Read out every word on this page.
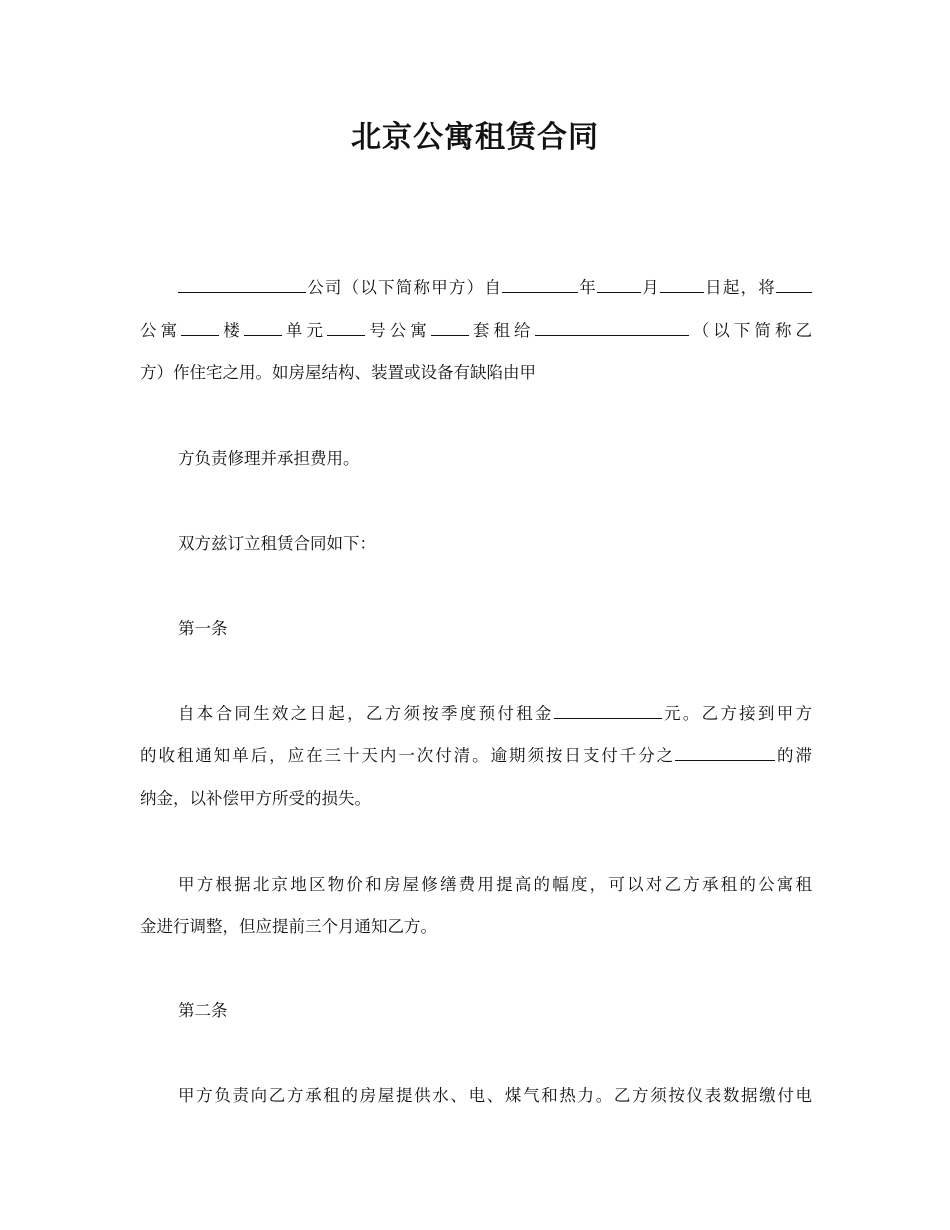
北京公寓租赁合同

公司（以下简称甲方）自	年	月	日起，将

公寓 楼 单元 号公寓 套租给	（以下简称乙

方）作住宅之用。如房屋结构、装置或设备有缺陷由甲

方负责修理并承担费用。

双方兹订立租赁合同如下：

第一条

自本合同生效之日起，乙方须按季度预付租金	元。乙方接到甲方

的收租通知单后，应在三十天内一次付清。逾期须按日支付千分之	的滞

纳金，以补偿甲方所受的损失。

甲方根据北京地区物价和房屋修缮费用提高的幅度，可以对乙方承租的公寓租

金进行调整，但应提前三个月通知乙方。

第二条

甲方负责向乙方承租的房屋提供水、电、煤气和热力。乙方须按仪表数据缴付电
